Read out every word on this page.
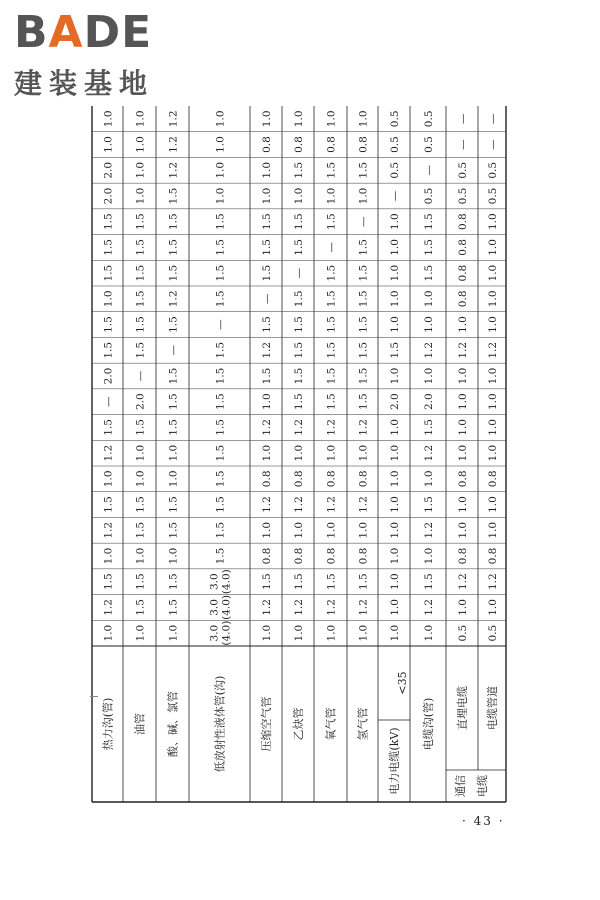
BADE
建装基地
1.0
1.2
1.5
1.0
1.2
1.5
1.0
1.2
1.5
—
2.0
1.5
1.5
1.0
1.5
1.5
1.5
2.0
2.0
1.0
1.0
热力沟(管)
1.0
1.5
1.5
1.0
1.5
1.5
1.0
1.0
1.5
2.0
—
1.5
1.5
1.5
1.5
1.5
1.5
1.0
1.0
1.0
1.0
油管
1.0
1.5
1.5
1.0
1.5
1.5
1.0
1.0
1.5
1.5
1.5
—
1.5
1.2
1.5
1.5
1.5
1.5
1.2
1.2
1.2
酸、碱、氯管
3.0 (4.0)
3.0 (4.0)
3.0 (4.0)
1.5
1.5
1.5
1.5
1.5
1.5
1.5
1.5
1.5
—
1.5
1.5
1.5
1.5
1.0
1.0
1.0
1.0
低放射性液体管(沟)
1.0
1.2
1.5
0.8
1.0
1.2
0.8
1.0
1.2
1.0
1.5
1.2
1.5
—
1.5
1.5
1.5
1.0
1.0
0.8
1.0
压缩空气管
1.0
1.2
1.5
0.8
1.0
1.2
0.8
1.0
1.2
1.5
1.5
1.5
1.5
1.5
—
1.5
1.5
1.0
1.5
0.8
1.0
乙炔管
1.0
1.2
1.5
0.8
1.0
1.2
0.8
1.0
1.2
1.5
1.5
1.5
1.5
1.5
1.5
—
1.5
1.0
1.5
0.8
1.0
氧气管
1.0
1.2
1.5
0.8
1.0
1.2
0.8
1.0
1.2
1.5
1.5
1.5
1.5
1.5
1.5
1.5
—
1.0
1.5
0.8
1.0
氢气管
1.0
1.0
1.0
1.0
1.0
1.0
1.0
1.0
1.0
2.0
1.0
1.5
1.0
1.0
1.0
1.0
1.0
—
0.5
0.5
0.5
<35
1.0
1.2
1.5
1.0
1.2
1.5
1.0
1.2
1.5
2.0
1.0
1.2
1.0
1.0
1.5
1.5
1.5
0.5
—
0.5
0.5
电缆沟(管)
0.5
1.0
1.2
0.8
1.0
1.0
0.8
1.0
1.0
1.0
1.0
1.2
1.0
0.8
0.8
0.8
0.8
0.5
0.5
—
—
直埋电缆
0.5
1.0
1.2
0.8
1.0
1.0
0.8
1.0
1.0
1.0
1.0
1.2
1.0
1.0
1.0
1.0
1.0
0.5
0.5
—
—
电缆管道
电力电缆(kV)	通信 电缆
· 43 ·
